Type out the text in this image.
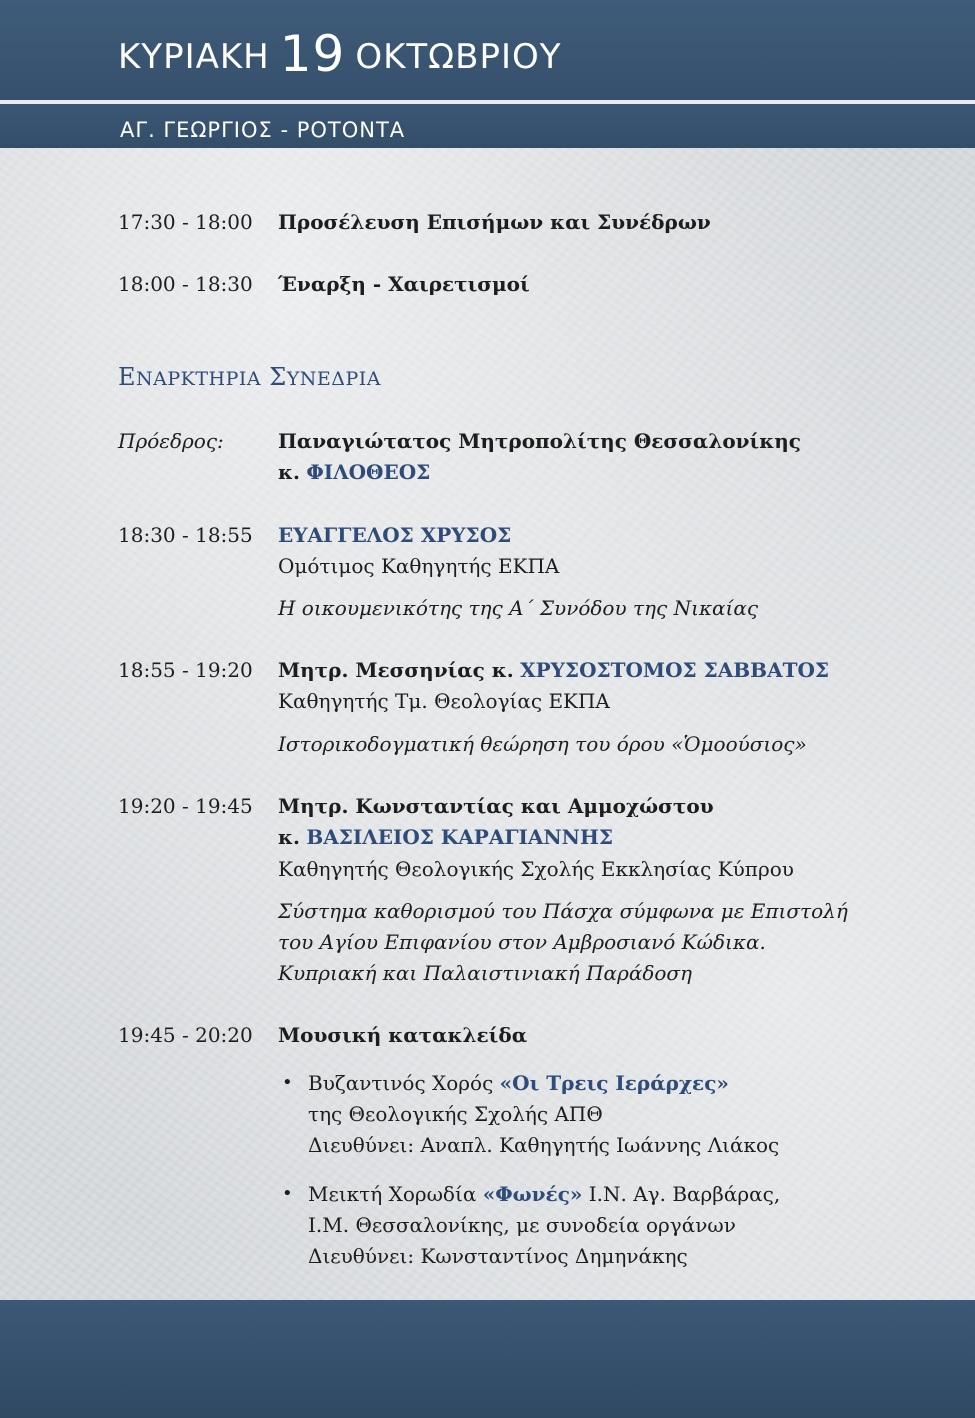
ΚΥΡΙΑΚΗ 19 ΟΚΤΩΒΡΙΟΥ
ΑΓ. ΓΕΩΡΓΙΟΣ - ΡΟΤΟΝΤΑ
17:30 - 18:00 Προσέλευση Επισήμων και Συνέδρων
18:00 - 18:30 Έναρξη - Χαιρετισμοί
ΕΝΑΡΚΤΗΡΙΑ ΣΥΝΕΔΡΙΑ
Πρόεδρος:	Παναγιώτατος Μητροπολίτης Θεσσαλονίκης
κ. ΦΙΛΟΘΕΟΣ
18:30 - 18:55 ΕΥΑΓΓΕΛΟΣ ΧΡΥΣΟΣ
Ομότιμος Καθηγητής ΕΚΠΑ
Η οικουμενικότης της Α΄ Συνόδου της Νικαίας
18:55 - 19:20 Μητρ. Μεσσηνίας κ. ΧΡΥΣΟΣΤΟΜΟΣ ΣΑΒΒΑΤΟΣ
Καθηγητής Τμ. Θεολογίας ΕΚΠΑ
Ιστορικοδογματική θεώρηση του όρου «Ὁμοούσιος»
19:20 - 19:45 Μητρ. Κωνσταντίας και Αμμοχώστου
κ. ΒΑΣΙΛΕΙΟΣ ΚΑΡΑΓΙΑΝΝΗΣ
Καθηγητής Θεολογικής Σχολής Εκκλησίας Κύπρου
Σύστημα καθορισμού του Πάσχα σύμφωνα με Επιστολή
του Αγίου Επιφανίου στον Αμβροσιανό Κώδικα.
Κυπριακή και Παλαιστινιακή Παράδοση
19:45 - 20:20 Μουσική κατακλείδα
• Βυζαντινός Χορός «Οι Τρεις Ιεράρχες»
της Θεολογικής Σχολής ΑΠΘ
Διευθύνει: Αναπλ. Καθηγητής Ιωάννης Λιάκος
• Μεικτή Χορωδία «Φωνές» Ι.Ν. Αγ. Βαρβάρας,
Ι.Μ. Θεσσαλονίκης, με συνοδεία οργάνων
Διευθύνει: Κωνσταντίνος Δημηνάκης
